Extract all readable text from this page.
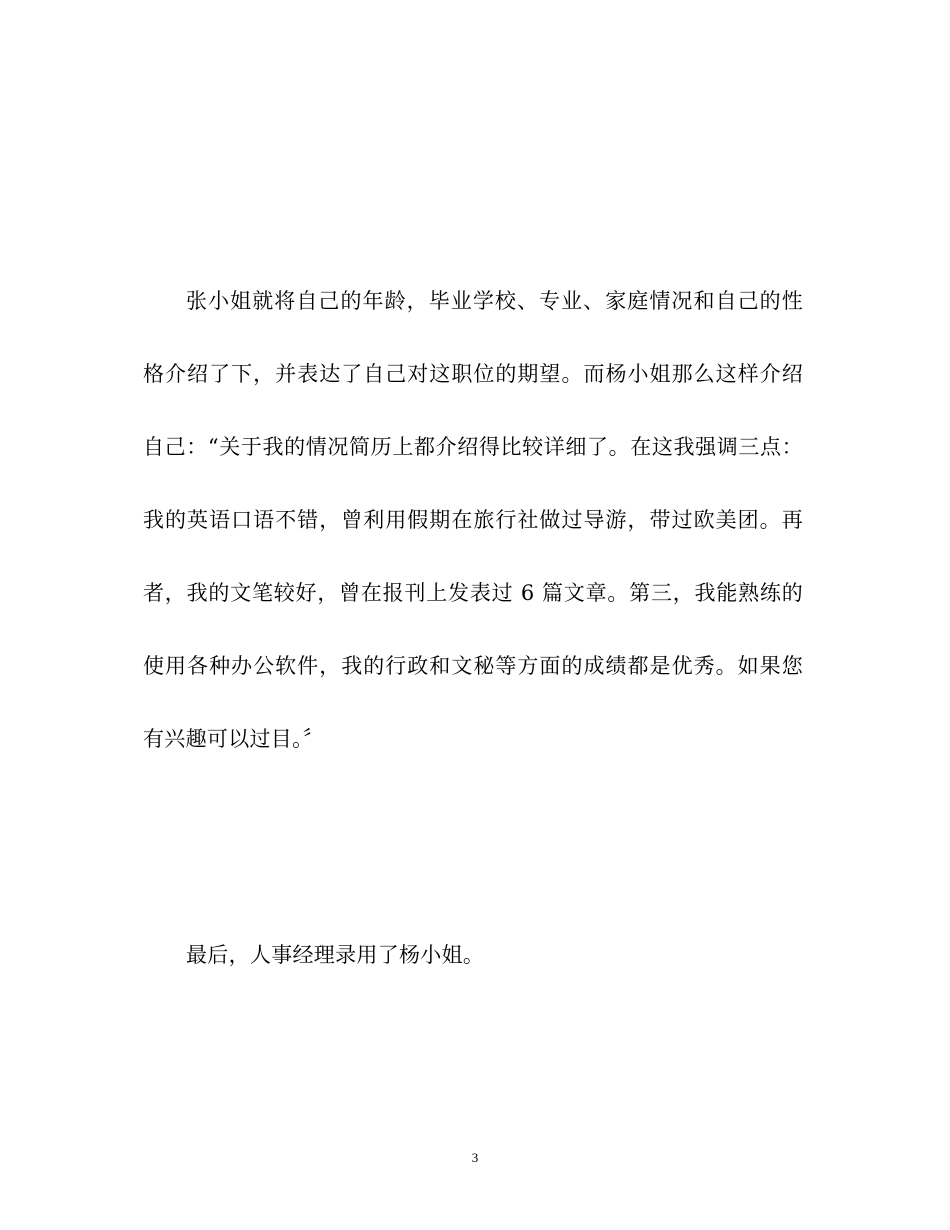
张小姐就将自己的年龄，毕业学校、专业、家庭情况和自己的性
格介绍了下，并表达了自己对这职位的期望。而杨小姐那么这样介绍
自己：“关于我的情况简历上都介绍得比较详细了。在这我强调三点：
我的英语口语不错，曾利用假期在旅行社做过导游，带过欧美团。再
者，我的文笔较好，曾在报刊上发表过 6 篇文章。第三，我能熟练的
使用各种办公软件，我的行政和文秘等方面的成绩都是优秀。如果您
有兴趣可以过目。〞
最后，人事经理录用了杨小姐。
3
